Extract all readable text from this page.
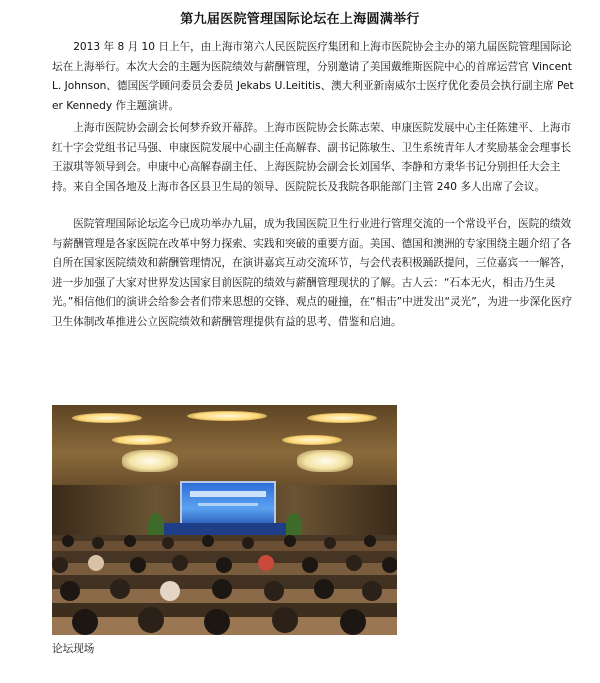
第九届医院管理国际论坛在上海圆满举行

2013 年 8 月 10 日上午，由上海市第六人民医院医疗集团和上海市医院协会主办的第九届医院管理国际论坛在上海举行。本次大会的主题为医院绩效与薪酬管理，分别邀请了美国戴维斯医院中心的首席运营官 Vincent L. Johnson、德国医学顾问委员会委员 Jekabs U.Leititis、澳大利亚新南威尔士医疗优化委员会执行副主席 Peter Kennedy 作主题演讲。

上海市医院协会副会长何梦乔致开幕辞。上海市医院协会长陈志荣、申康医院发展中心主任陈建平、上海市红十字会党组书记马强、申康医院发展中心副主任高解春、副书记陈敏生、卫生系统青年人才奖励基金会理事长王淑琪等领导到会。申康中心高解春副主任、上海医院协会副会长刘国华、李静和方秉华书记分别担任大会主持。来自全国各地及上海市各区县卫生局的领导、医院院长及我院各职能部门主管 240 多人出席了会议。

医院管理国际论坛迄今已成功举办九届，成为我国医院卫生行业进行管理交流的一个常设平台，医院的绩效与薪酬管理是各家医院在改革中努力探索、实践和突破的重要方面。美国、德国和澳洲的专家围绕主题介绍了各自所在国家医院绩效和薪酬管理情况，在演讲嘉宾互动交流环节，与会代表积极踊跃提问，三位嘉宾一一解答，进一步加强了大家对世界发达国家目前医院的绩效与薪酬管理现状的了解。古人云：“石本无火，相击乃生灵光。”相信他们的演讲会给参会者们带来思想的交锋、观点的碰撞，在“相击”中迸发出“灵光”，为进一步深化医疗卫生体制改革推进公立医院绩效和薪酬管理提供有益的思考、借鉴和启迪。

论坛现场
